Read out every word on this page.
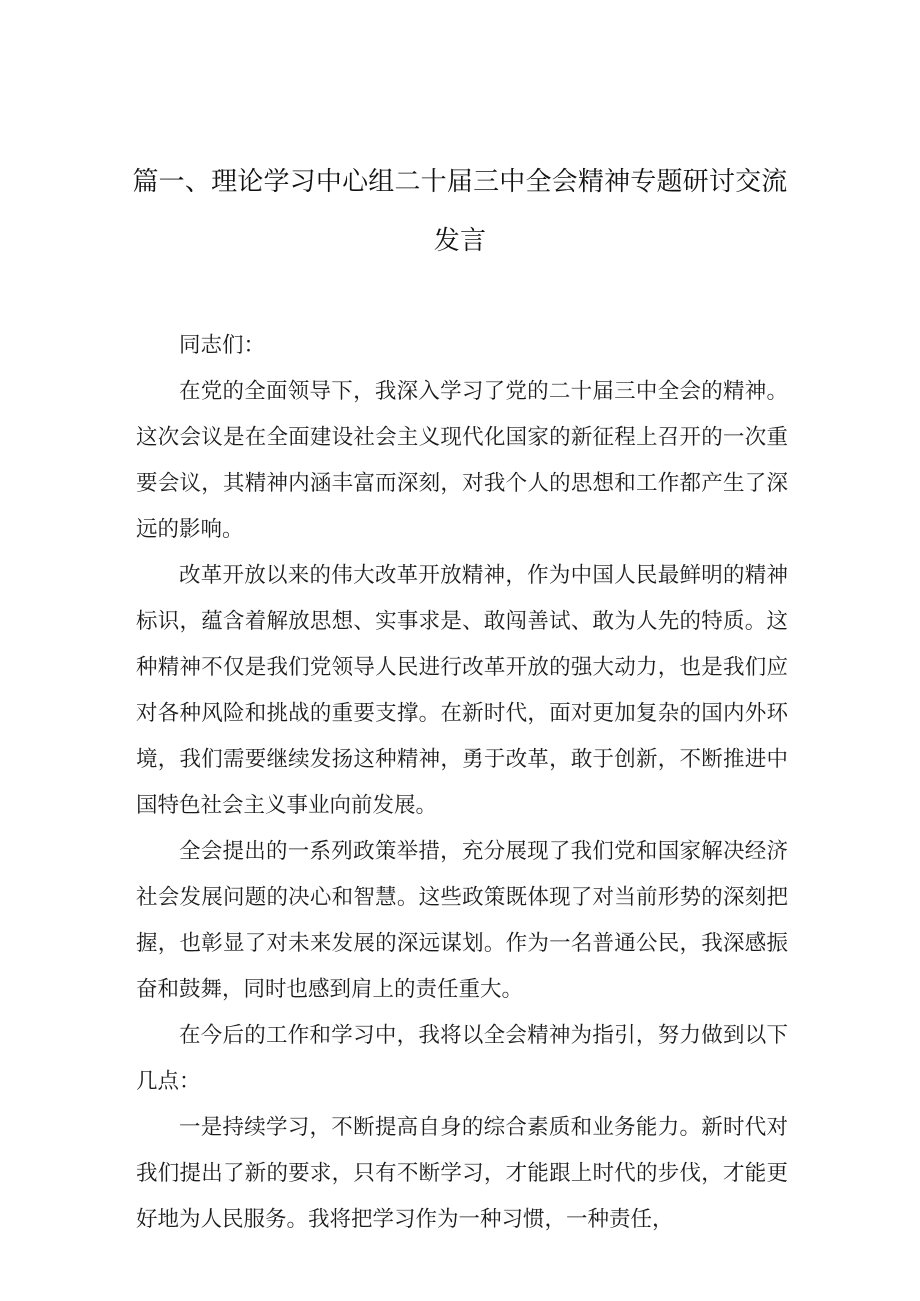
篇一、理论学习中心组二十届三中全会精神专题研讨交流
发言

同志们：

在党的全面领导下，我深入学习了党的二十届三中全会的精神。这次会议是在全面建设社会主义现代化国家的新征程上召开的一次重要会议，其精神内涵丰富而深刻，对我个人的思想和工作都产生了深远的影响。

改革开放以来的伟大改革开放精神，作为中国人民最鲜明的精神标识，蕴含着解放思想、实事求是、敢闯善试、敢为人先的特质。这种精神不仅是我们党领导人民进行改革开放的强大动力，也是我们应对各种风险和挑战的重要支撑。在新时代，面对更加复杂的国内外环境，我们需要继续发扬这种精神，勇于改革，敢于创新，不断推进中国特色社会主义事业向前发展。

全会提出的一系列政策举措，充分展现了我们党和国家解决经济社会发展问题的决心和智慧。这些政策既体现了对当前形势的深刻把握，也彰显了对未来发展的深远谋划。作为一名普通公民，我深感振奋和鼓舞，同时也感到肩上的责任重大。

在今后的工作和学习中，我将以全会精神为指引，努力做到以下几点：

一是持续学习，不断提高自身的综合素质和业务能力。新时代对我们提出了新的要求，只有不断学习，才能跟上时代的步伐，才能更好地为人民服务。我将把学习作为一种习惯，一种责任，
